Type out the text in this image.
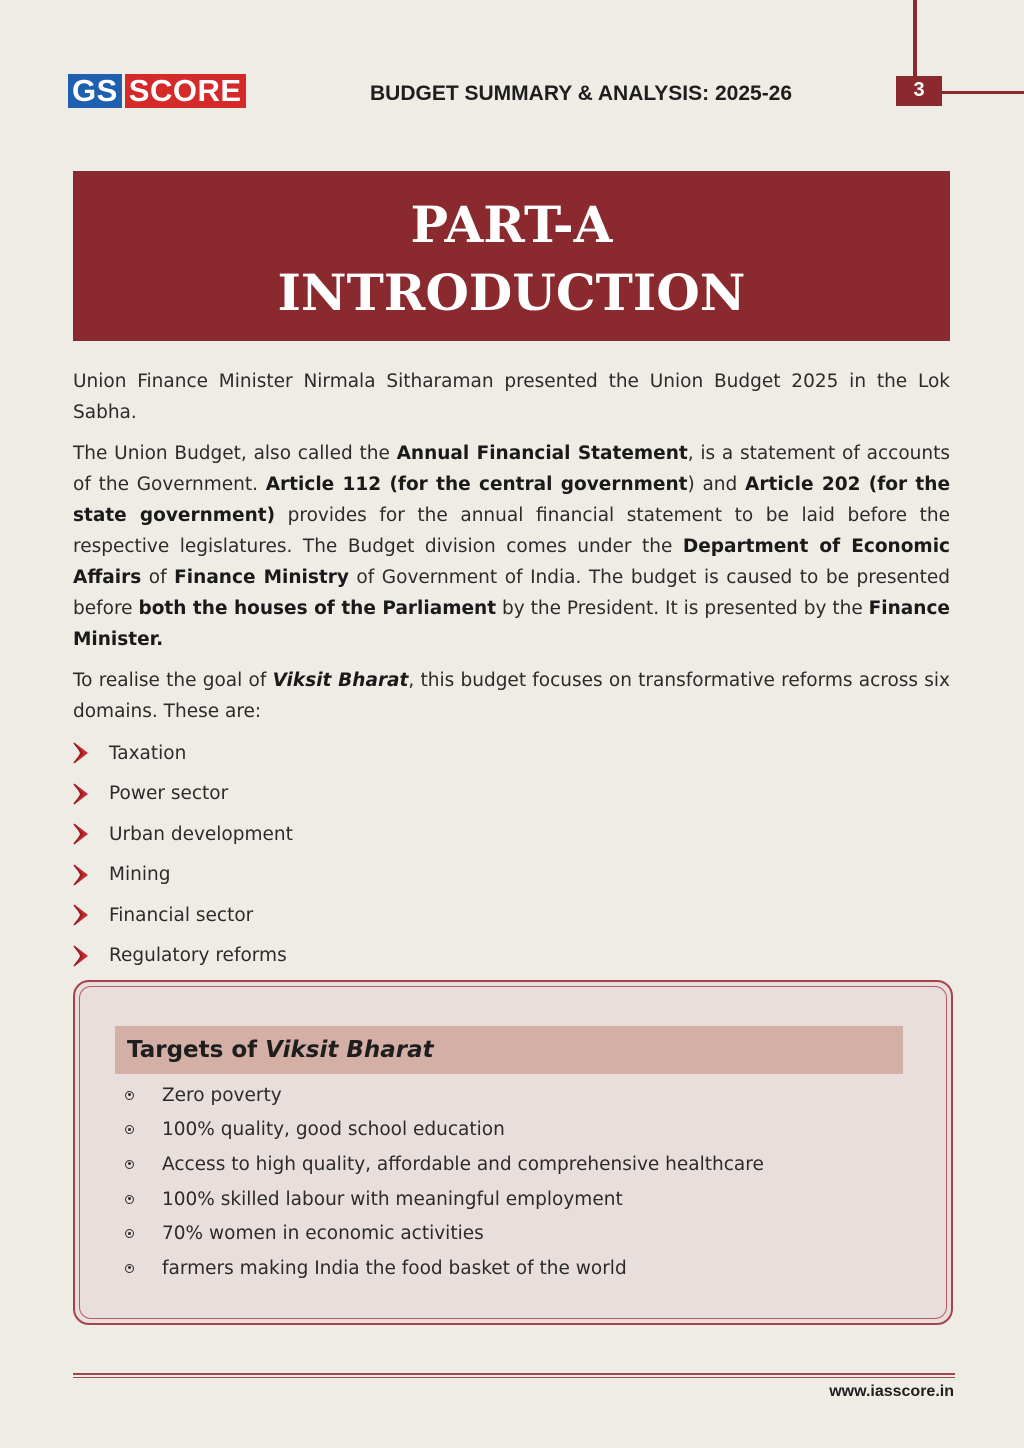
GS SCORE	BUDGET SUMMARY & ANALYSIS: 2025-26	3
PART-A
INTRODUCTION

Union Finance Minister Nirmala Sitharaman presented the Union Budget 2025 in the Lok Sabha.

The Union Budget, also called the Annual Financial Statement, is a statement of accounts of the Government. Article 112 (for the central government) and Article 202 (for the state government) provides for the annual financial statement to be laid before the respective legislatures. The Budget division comes under the Department of Economic Affairs of Finance Ministry of Government of India. The budget is caused to be presented before both the houses of the Parliament by the President. It is presented by the Finance Minister.

To realise the goal of Viksit Bharat, this budget focuses on transformative reforms across six domains. These are:

Taxation
Power sector
Urban development
Mining
Financial sector
Regulatory reforms
Targets of Viksit Bharat
Zero poverty
100% quality, good school education
Access to high quality, affordable and comprehensive healthcare
100% skilled labour with meaningful employment
70% women in economic activities
farmers making India the food basket of the world
www.iasscore.in
